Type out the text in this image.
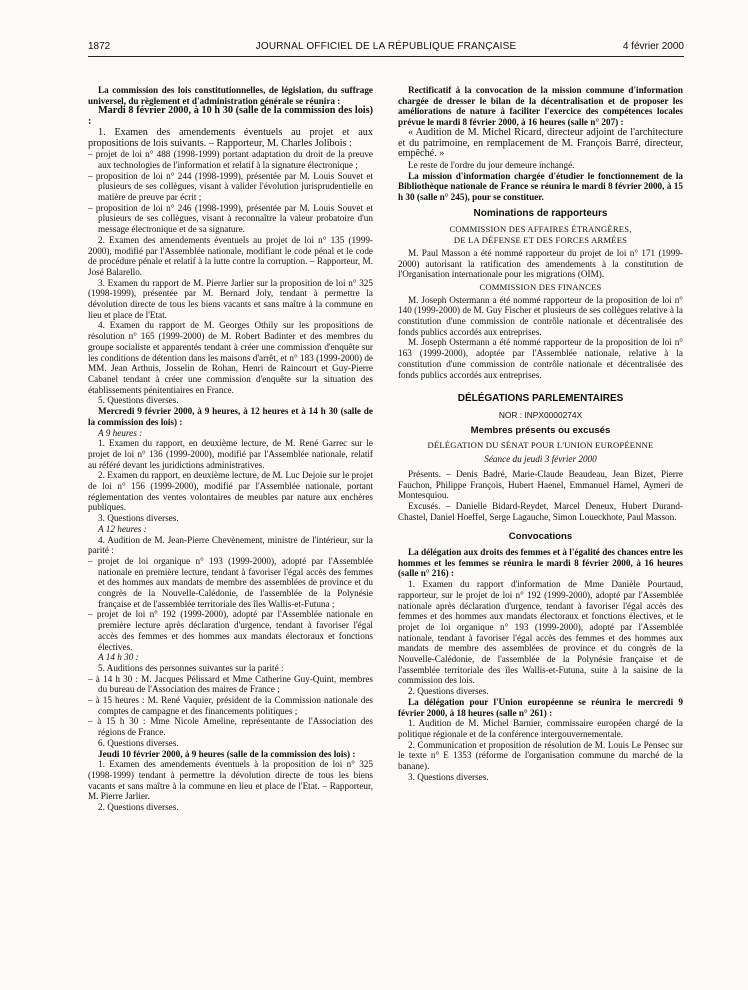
1872	JOURNAL OFFICIEL DE LA RÉPUBLIQUE FRANÇAISE	4 février 2000

La commission des lois constitutionnelles, de législation, du suffrage universel, du règlement et d'administration générale se réunira :

Mardi 8 février 2000, à 10 h 30 (salle de la commission des lois) :

1. Examen des amendements éventuels au projet et aux propositions de lois suivants. – Rapporteur, M. Charles Jolibois :

– projet de loi n° 488 (1998-1999) portant adaptation du droit de la preuve aux technologies de l'information et relatif à la signature électronique ;

– proposition de loi n° 244 (1998-1999), présentée par M. Louis Souvet et plusieurs de ses collègues, visant à valider l'évolution jurisprudentielle en matière de preuve par écrit ;

– proposition de loi n° 246 (1998-1999), présentée par M. Louis Souvet et plusieurs de ses collègues, visant à reconnaître la valeur probatoire d'un message électronique et de sa signature.

2. Examen des amendements éventuels au projet de loi n° 135 (1999-2000), modifié par l'Assemblée nationale, modifiant le code pénal et le code de procédure pénale et relatif à la lutte contre la corruption. – Rapporteur, M. José Balarello.

3. Examen du rapport de M. Pierre Jarlier sur la proposition de loi n° 325 (1998-1999), présentée par M. Bernard Joly, tendant à permettre la dévolution directe de tous les biens vacants et sans maître à la commune en lieu et place de l'Etat.

4. Examen du rapport de M. Georges Othily sur les propositions de résolution n° 165 (1999-2000) de M. Robert Badinter et des membres du groupe socialiste et apparentés tendant à créer une commission d'enquête sur les conditions de détention dans les maisons d'arrêt, et n° 183 (1999-2000) de MM. Jean Arthuis, Josselin de Rohan, Henri de Raincourt et Guy-Pierre Cabanel tendant à créer une commission d'enquête sur la situation des établissements pénitentiaires en France.

5. Questions diverses.

Mercredi 9 février 2000, à 9 heures, à 12 heures et à 14 h 30 (salle de la commission des lois) :

A 9 heures :

1. Examen du rapport, en deuxième lecture, de M. René Garrec sur le projet de loi n° 136 (1999-2000), modifié par l'Assemblée nationale, relatif au référé devant les juridictions administratives.

2. Examen du rapport, en deuxième lecture, de M. Luc Dejoie sur le projet de loi n° 156 (1999-2000), modifié par l'Assemblée nationale, portant réglementation des ventes volontaires de meubles par nature aux enchères publiques.

3. Questions diverses.

A 12 heures :

4. Audition de M. Jean-Pierre Chevènement, ministre de l'intérieur, sur la parité :

– projet de loi organique n° 193 (1999-2000), adopté par l'Assemblée nationale en première lecture, tendant à favoriser l'égal accès des femmes et des hommes aux mandats de membre des assemblées de province et du congrès de la Nouvelle-Calédonie, de l'assemblée de la Polynésie française et de l'assemblée territoriale des îles Wallis-et-Futuna ;

– projet de loi n° 192 (1999-2000), adopté par l'Assemblée nationale en première lecture après déclaration d'urgence, tendant à favoriser l'égal accès des femmes et des hommes aux mandats électoraux et fonctions électives.

A 14 h 30 :

5. Auditions des personnes suivantes sur la parité :

– à 14 h 30 : M. Jacques Pélissard et Mme Catherine Guy-Quint, membres du bureau de l'Association des maires de France ;

– à 15 heures : M. René Vaquier, président de la Commission nationale des comptes de campagne et des financements politiques ;

– à 15 h 30 : Mme Nicole Ameline, représentante de l'Association des régions de France.

6. Questions diverses.

Jeudi 10 février 2000, à 9 heures (salle de la commission des lois) :

1. Examen des amendements éventuels à la proposition de loi n° 325 (1998-1999) tendant à permettre la dévolution directe de tous les biens vacants et sans maître à la commune en lieu et place de l'Etat. – Rapporteur, M. Pierre Jarlier.

2. Questions diverses.

Rectificatif à la convocation de la mission commune d'information chargée de dresser le bilan de la décentralisation et de proposer les améliorations de nature à faciliter l'exercice des compétences locales prévue le mardi 8 février 2000, à 16 heures (salle n° 207) :

« Audition de M. Michel Ricard, directeur adjoint de l'architecture et du patrimoine, en remplacement de M. François Barré, directeur, empêché. »

Le reste de l'ordre du jour demeure inchangé.

La mission d'information chargée d'étudier le fonctionnement de la Bibliothèque nationale de France se réunira le mardi 8 février 2000, à 15 h 30 (salle n° 245), pour se constituer.

Nominations de rapporteurs

COMMISSION DES AFFAIRES ÉTRANGÈRES,
DE LA DÉFENSE ET DES FORCES ARMÉES

M. Paul Masson a été nommé rapporteur du projet de loi n° 171 (1999-2000) autorisant la ratification des amendements à la constitution de l'Organisation internationale pour les migrations (OIM).

COMMISSION DES FINANCES

M. Joseph Ostermann a été nommé rapporteur de la proposition de loi n° 140 (1999-2000) de M. Guy Fischer et plusieurs de ses collègues relative à la constitution d'une commission de contrôle nationale et décentralisée des fonds publics accordés aux entreprises.

M. Joseph Ostermann a été nommé rapporteur de la proposition de loi n° 163 (1999-2000), adoptée par l'Assemblée nationale, relative à la constitution d'une commission de contrôle nationale et décentralisée des fonds publics accordés aux entreprises.

DÉLÉGATIONS PARLEMENTAIRES

NOR : INPX0000274X

Membres présents ou excusés

DÉLÉGATION DU SÉNAT POUR L'UNION EUROPÉENNE

Séance du jeudi 3 février 2000

Présents. – Denis Badré, Marie-Claude Beaudeau, Jean Bizet, Pierre Fauchon, Philippe François, Hubert Haenel, Emmanuel Hamel, Aymeri de Montesquiou.

Excusés. – Danielle Bidard-Reydet, Marcel Deneux, Hubert Durand-Chastel, Daniel Hoeffel, Serge Lagauche, Simon Loueckhote, Paul Masson.

Convocations

La délégation aux droits des femmes et à l'égalité des chances entre les hommes et les femmes se réunira le mardi 8 février 2000, à 16 heures (salle n° 216) :

1. Examen du rapport d'information de Mme Danièle Pourtaud, rapporteur, sur le projet de loi n° 192 (1999-2000), adopté par l'Assemblée nationale après déclaration d'urgence, tendant à favoriser l'égal accès des femmes et des hommes aux mandats électoraux et fonctions électives, et le projet de loi organique n° 193 (1999-2000), adopté par l'Assemblée nationale, tendant à favoriser l'égal accès des femmes et des hommes aux mandats de membre des assemblées de province et du congrès de la Nouvelle-Calédonie, de l'assemblée de la Polynésie française et de l'assemblée territoriale des îles Wallis-et-Futuna, suite à la saisine de la commission des lois.

2. Questions diverses.

La délégation pour l'Union européenne se réunira le mercredi 9 février 2000, à 18 heures (salle n° 261) :

1. Audition de M. Michel Barnier, commissaire européen chargé de la politique régionale et de la conférence intergouvernementale.

2. Communication et proposition de résolution de M. Louis Le Pensec sur le texte n° E 1353 (réforme de l'organisation commune du marché de la banane).

3. Questions diverses.
